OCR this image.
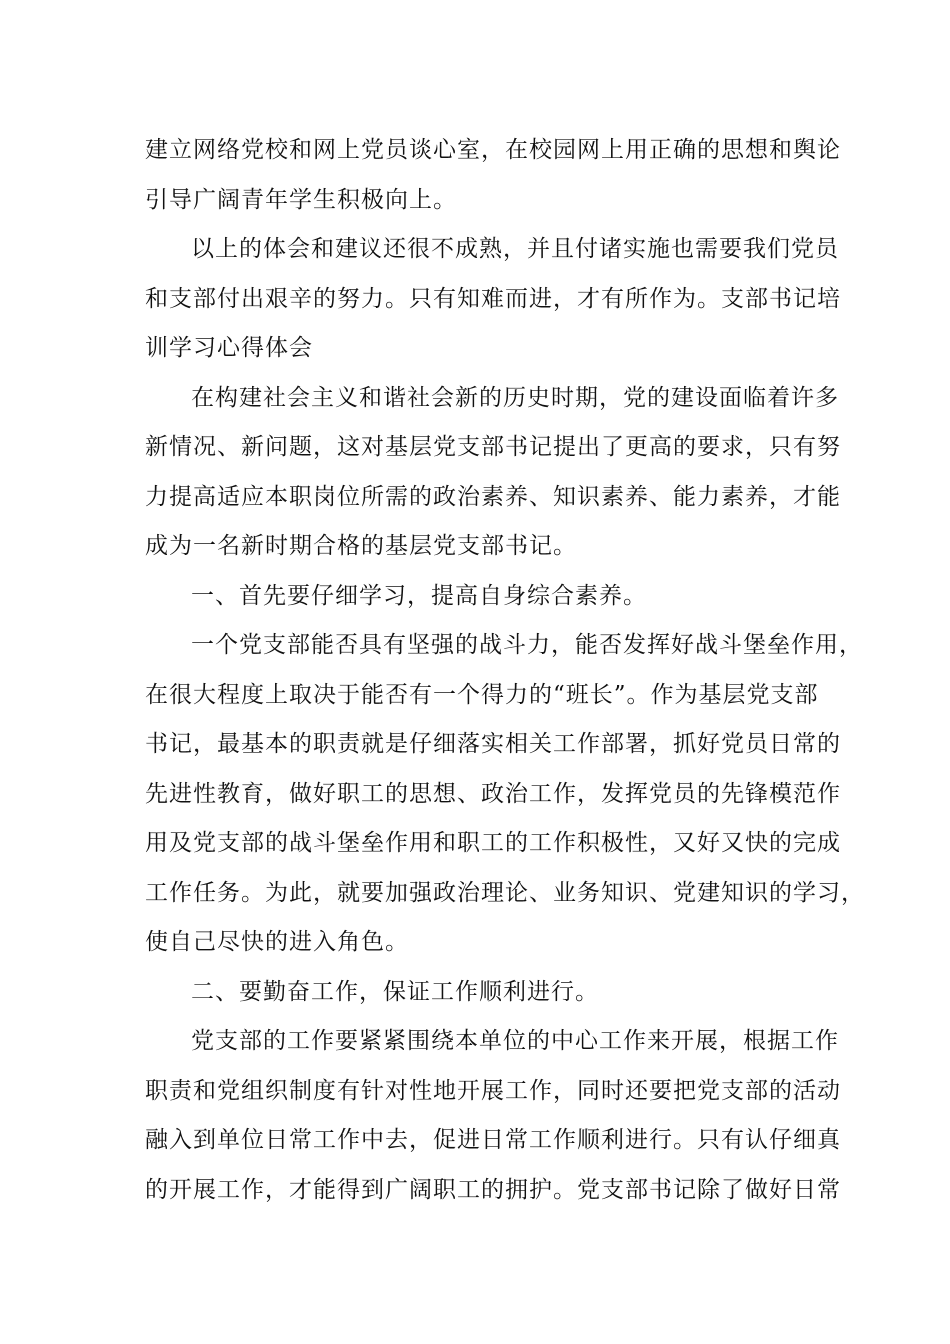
建立网络党校和网上党员谈心室，在校园网上用正确的思想和舆论
引导广阔青年学生积极向上。
以上的体会和建议还很不成熟，并且付诸实施也需要我们党员
和支部付出艰辛的努力。只有知难而进，才有所作为。支部书记培
训学习心得体会
在构建社会主义和谐社会新的历史时期，党的建设面临着许多
新情况、新问题，这对基层党支部书记提出了更高的要求，只有努
力提高适应本职岗位所需的政治素养、知识素养、能力素养，才能
成为一名新时期合格的基层党支部书记。
一、首先要仔细学习，提高自身综合素养。
一个党支部能否具有坚强的战斗力，能否发挥好战斗堡垒作用，
在很大程度上取决于能否有一个得力的“班长”。作为基层党支部
书记，最基本的职责就是仔细落实相关工作部署，抓好党员日常的
先进性教育，做好职工的思想、政治工作，发挥党员的先锋模范作
用及党支部的战斗堡垒作用和职工的工作积极性，又好又快的完成
工作任务。为此，就要加强政治理论、业务知识、党建知识的学习，
使自己尽快的进入角色。
二、要勤奋工作，保证工作顺利进行。
党支部的工作要紧紧围绕本单位的中心工作来开展，根据工作
职责和党组织制度有针对性地开展工作，同时还要把党支部的活动
融入到单位日常工作中去，促进日常工作顺利进行。只有认仔细真
的开展工作，才能得到广阔职工的拥护。党支部书记除了做好日常
